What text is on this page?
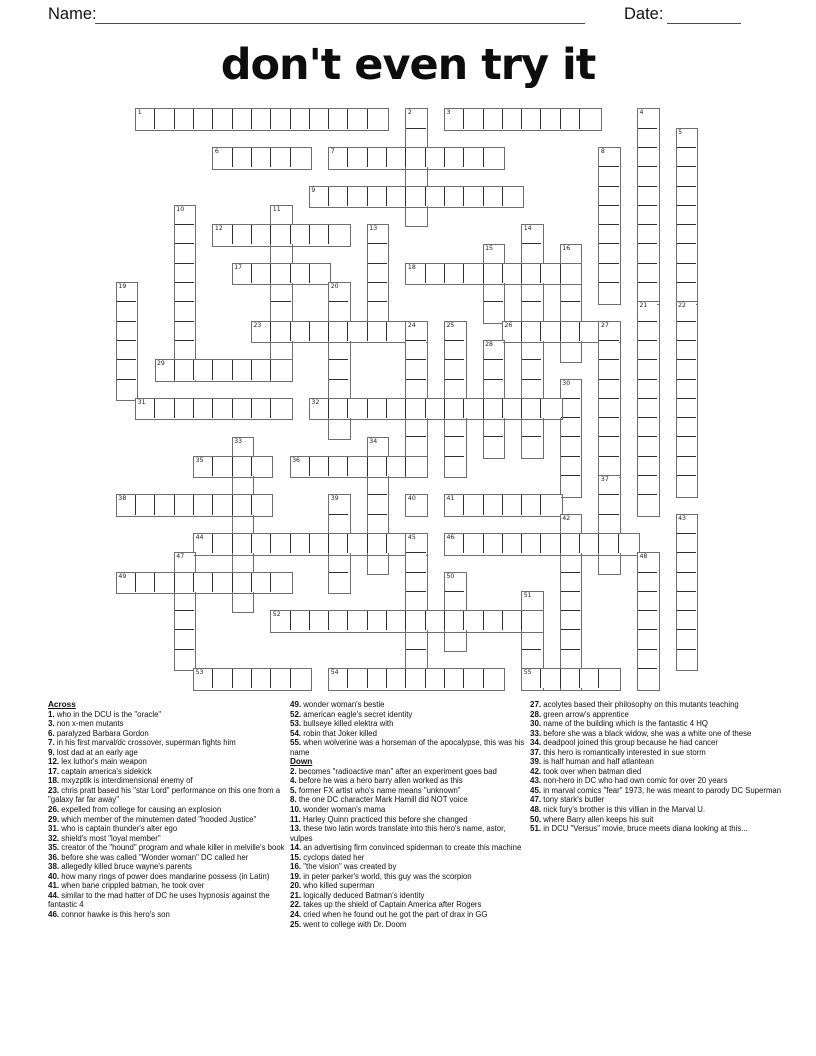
Name:	Date:
don't even try it
1	2	3	4
5
6	7	8
9
10	11
12	13	14
15	16
17	18
19	20
21	22
23	24	25	26	27
28
29
30
31	32
33	34
35	36
37
38	39	40	41
42	43
44	45	46
47	48
49	50
51
52
53	54	55
Across
1. who in the DCU is the "oracle"
3. non x-men mutants
6. paralyzed Barbara Gordon
7. in his first marval/dc crossover, superman fights him
9. lost dad at an early age
12. lex luthor's main weapon
17. captain america's sidekick
18. mxyzptlk is interdimensional enemy of
23. chris pratt based his "star Lord" performance on this one from a "galaxy far far away"
26. expelled from college for causing an explosion
29. which member of the minutemen dated "hooded Justice"
31. who is captain thunder's alter ego
32. shield's most "loyal member"
35. creator of the "hound" program and whale killer in melville's book
36. before she was called "Wonder woman" DC called her
38. allegedly killed bruce wayne's parents
40. how many rings of power does mandarine possess (in Latin)
41. when bane crippled batman, he took over
44. similar to the mad hatter of DC he uses hypnosis against the fantastic 4
46. connor hawke is this hero's son
49. wonder woman's bestie
52. american eagle's secret identity
53. bullseye killed elektra with
54. robin that Joker killed
55. when wolverine was a horseman of the apocalypse, this was his name
Down
2. becomes "radioactive man" after an experiment goes bad
4. before he was a hero barry allen worked as this
5. former FX artist who's name means "unknown"
8. the one DC character Mark Hamill did NOT voice
10. wonder woman's mama
11. Harley Quinn practiced this before she changed
13. these two latin words translate into this hero's name, astor, vulpes
14. an advertising firm convinced spiderman to create this machine
15. cyclops dated her
16. "the vision" was created by
19. in peter parker's world, this guy was the scorpion
20. who killed superman
21. logically deduced Batman's identity
22. takes up the shield of Captain America after Rogers
24. cried when he found out he got the part of drax in GG
25. went to college with Dr. Doom
27. acolytes based their philosophy on this mutants teaching
28. green arrow's apprentice
30. name of the building which is the fantastic 4 HQ
33. before she was a black widow, she was a white one of these
34. deadpool joined this group because he had cancer
37. this hero is romantically interested in sue storm
39. is half human and half atlantean
42. took over when batman died
43. non-hero in DC who had own comic for over 20 years
45. in marval comics "fear" 1973, he was meant to parody DC Superman
47. tony stark's butler
48. nick fury's brother is this villian in the Marval U.
50. where Barry allen keeps his suit
51. in DCU "Versus" movie, bruce meets diana looking at this...
